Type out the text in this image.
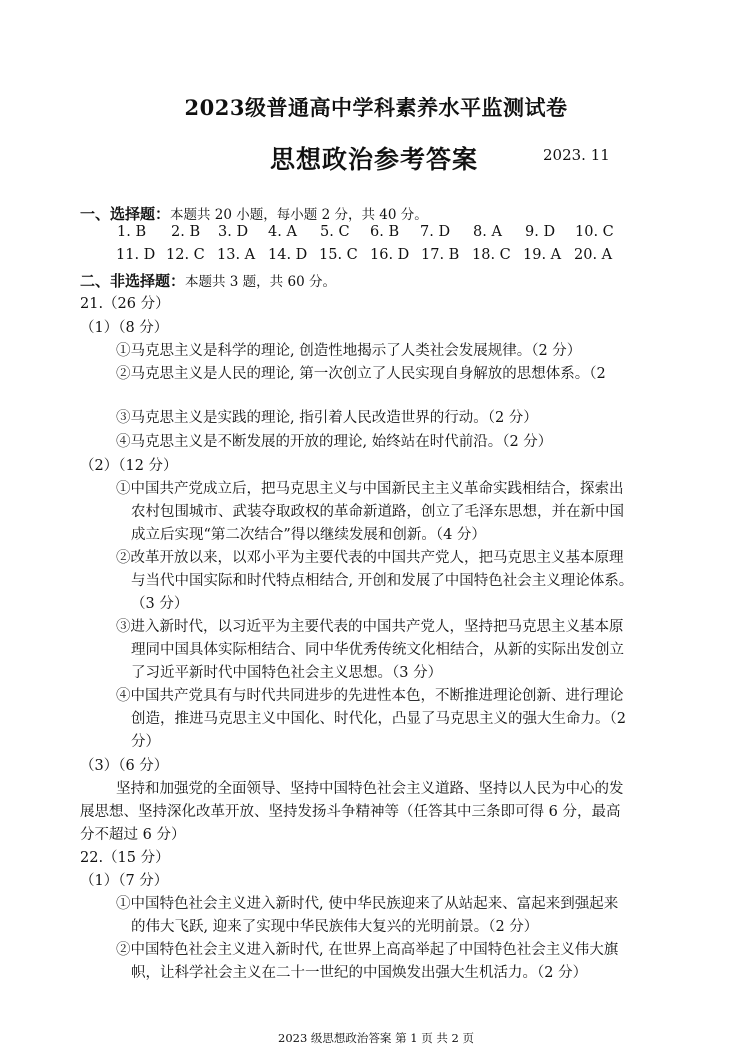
2023级普通高中学科素养水平监测试卷
思想政治参考答案	2023. 11
一、选择题：本题共 20 小题，每小题 2 分，共 40 分。
1. B 2. B 3. D 4. A 5. C 6. B 7. D 8. A 9. D 10. C
11. D 12. C 13. A 14. D 15. C 16. D 17. B 18. C 19. A 20. A
二、非选择题：本题共 3 题，共 60 分。
21.（26 分）
（1）（8 分）
①马克思主义是科学的理论, 创造性地揭示了人类社会发展规律。（2 分）
②马克思主义是人民的理论, 第一次创立了人民实现自身解放的思想体系。（2
③马克思主义是实践的理论, 指引着人民改造世界的行动。（2 分）
④马克思主义是不断发展的开放的理论, 始终站在时代前沿。（2 分）
（2）（12 分）
①中国共产党成立后，把马克思主义与中国新民主主义革命实践相结合，探索出
农村包围城市、武装夺取政权的革命新道路，创立了毛泽东思想，并在新中国
成立后实现“第二次结合”得以继续发展和创新。（4 分）
②改革开放以来，以邓小平为主要代表的中国共产党人，把马克思主义基本原理
与当代中国实际和时代特点相结合, 开创和发展了中国特色社会主义理论体系。
（3 分）
③进入新时代，以习近平为主要代表的中国共产党人，坚持把马克思主义基本原
理同中国具体实际相结合、同中华优秀传统文化相结合，从新的实际出发创立
了习近平新时代中国特色社会主义思想。（3 分）
④中国共产党具有与时代共同进步的先进性本色，不断推进理论创新、进行理论
创造，推进马克思主义中国化、时代化，凸显了马克思主义的强大生命力。（2
分）
（3）（6 分）
坚持和加强党的全面领导、坚持中国特色社会主义道路、坚持以人民为中心的发
展思想、坚持深化改革开放、坚持发扬斗争精神等（任答其中三条即可得 6 分，最高
分不超过 6 分）
22.（15 分）
（1）（7 分）
①中国特色社会主义进入新时代, 使中华民族迎来了从站起来、富起来到强起来
的伟大飞跃, 迎来了实现中华民族伟大复兴的光明前景。（2 分）
②中国特色社会主义进入新时代, 在世界上高高举起了中国特色社会主义伟大旗
帜，让科学社会主义在二十一世纪的中国焕发出强大生机活力。（2 分）
2023 级思想政治答案 第 1 页 共 2 页
